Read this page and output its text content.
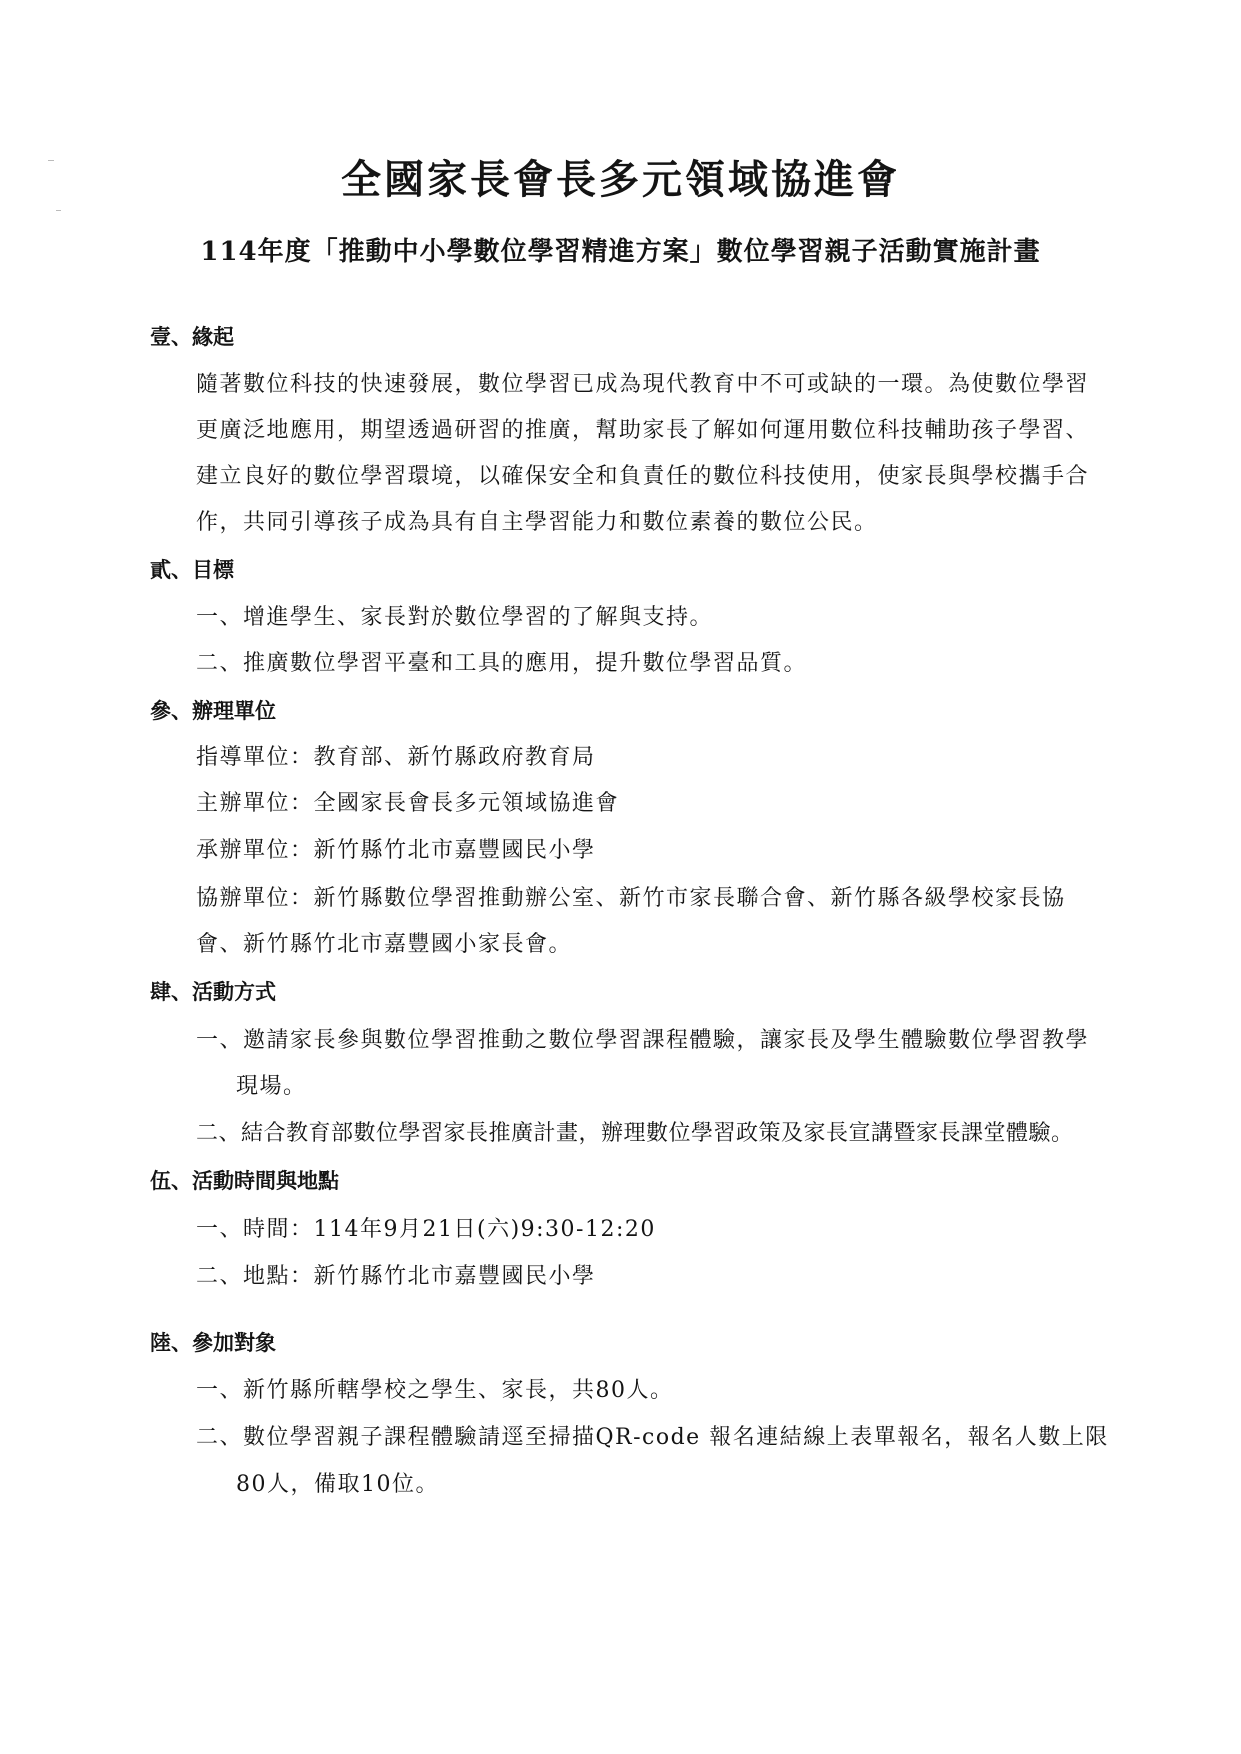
全國家長會長多元領域協進會
114年度「推動中小學數位學習精進方案」數位學習親子活動實施計畫
壹、緣起
隨著數位科技的快速發展，數位學習已成為現代教育中不可或缺的一環。為使數位學習
更廣泛地應用，期望透過研習的推廣，幫助家長了解如何運用數位科技輔助孩子學習、
建立良好的數位學習環境，以確保安全和負責任的數位科技使用，使家長與學校攜手合
作，共同引導孩子成為具有自主學習能力和數位素養的數位公民。
貳、目標
一、增進學生、家長對於數位學習的了解與支持。
二、推廣數位學習平臺和工具的應用，提升數位學習品質。
參、辦理單位
指導單位：教育部、新竹縣政府教育局
主辦單位：全國家長會長多元領域協進會
承辦單位：新竹縣竹北市嘉豐國民小學
協辦單位：新竹縣數位學習推動辦公室、新竹市家長聯合會、新竹縣各級學校家長協
會、新竹縣竹北市嘉豐國小家長會。
肆、活動方式
一、邀請家長參與數位學習推動之數位學習課程體驗，讓家長及學生體驗數位學習教學
現場。
二、結合教育部數位學習家長推廣計畫，辦理數位學習政策及家長宣講暨家長課堂體驗。
伍、活動時間與地點
一、時間：114年9月21日(六)9:30-12:20
二、地點：新竹縣竹北市嘉豐國民小學
陸、參加對象
一、新竹縣所轄學校之學生、家長，共80人。
二、數位學習親子課程體驗請逕至掃描QR-code 報名連結線上表單報名，報名人數上限
80人，備取10位。
